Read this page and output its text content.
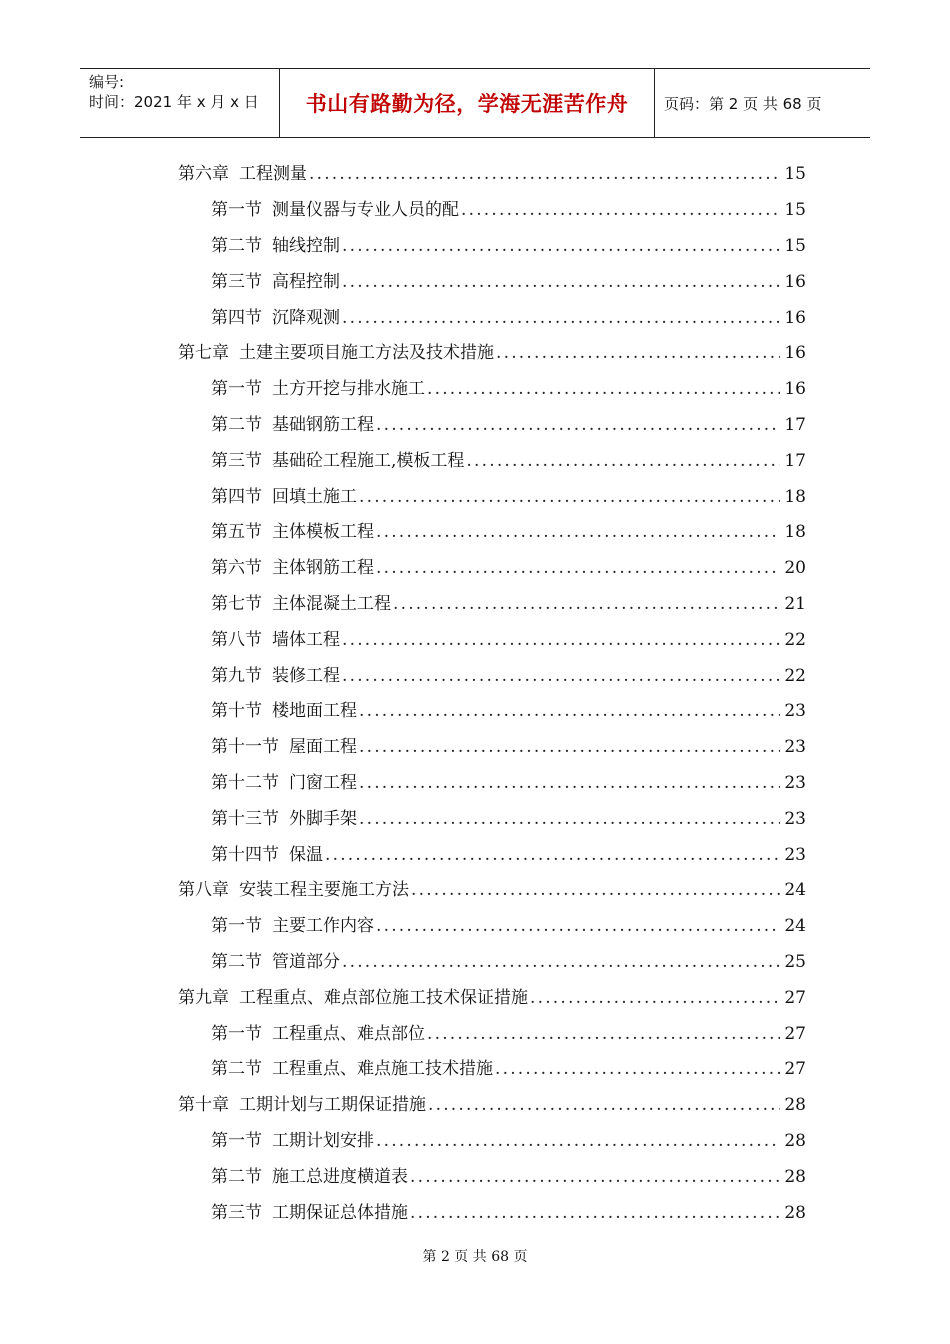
编号:
时间：2021 年 x 月 x 日	书山有路勤为径，学海无涯苦作舟	页码：第 2 页 共 68 页
第六章 工程测量 .....	15
第一节 测量仪器与专业人员的配 .....	15
第二节 轴线控制 .....	15
第三节 高程控制 .....	16
第四节 沉降观测 .....	16
第七章 土建主要项目施工方法及技术措施 .....	16
第一节 土方开挖与排水施工 .....	16
第二节 基础钢筋工程 .....	17
第三节 基础砼工程施工,模板工程 .....	17
第四节 回填土施工 .....	18
第五节 主体模板工程 .....	18
第六节 主体钢筋工程 .....	20
第七节 主体混凝土工程 .....	21
第八节 墙体工程 .....	22
第九节 装修工程 .....	22
第十节 楼地面工程 .....	23
第十一节 屋面工程 .....	23
第十二节 门窗工程 .....	23
第十三节 外脚手架 .....	23
第十四节 保温 .....	23
第八章 安装工程主要施工方法 .....	24
第一节 主要工作内容 .....	24
第二节 管道部分 .....	25
第九章 工程重点、难点部位施工技术保证措施 .....	27
第一节 工程重点、难点部位 .....	27
第二节 工程重点、难点施工技术措施 .....	27
第十章 工期计划与工期保证措施 .....	28
第一节 工期计划安排 .....	28
第二节 施工总进度横道表 .....	28
第三节 工期保证总体措施 .....	28
第 2 页 共 68 页
